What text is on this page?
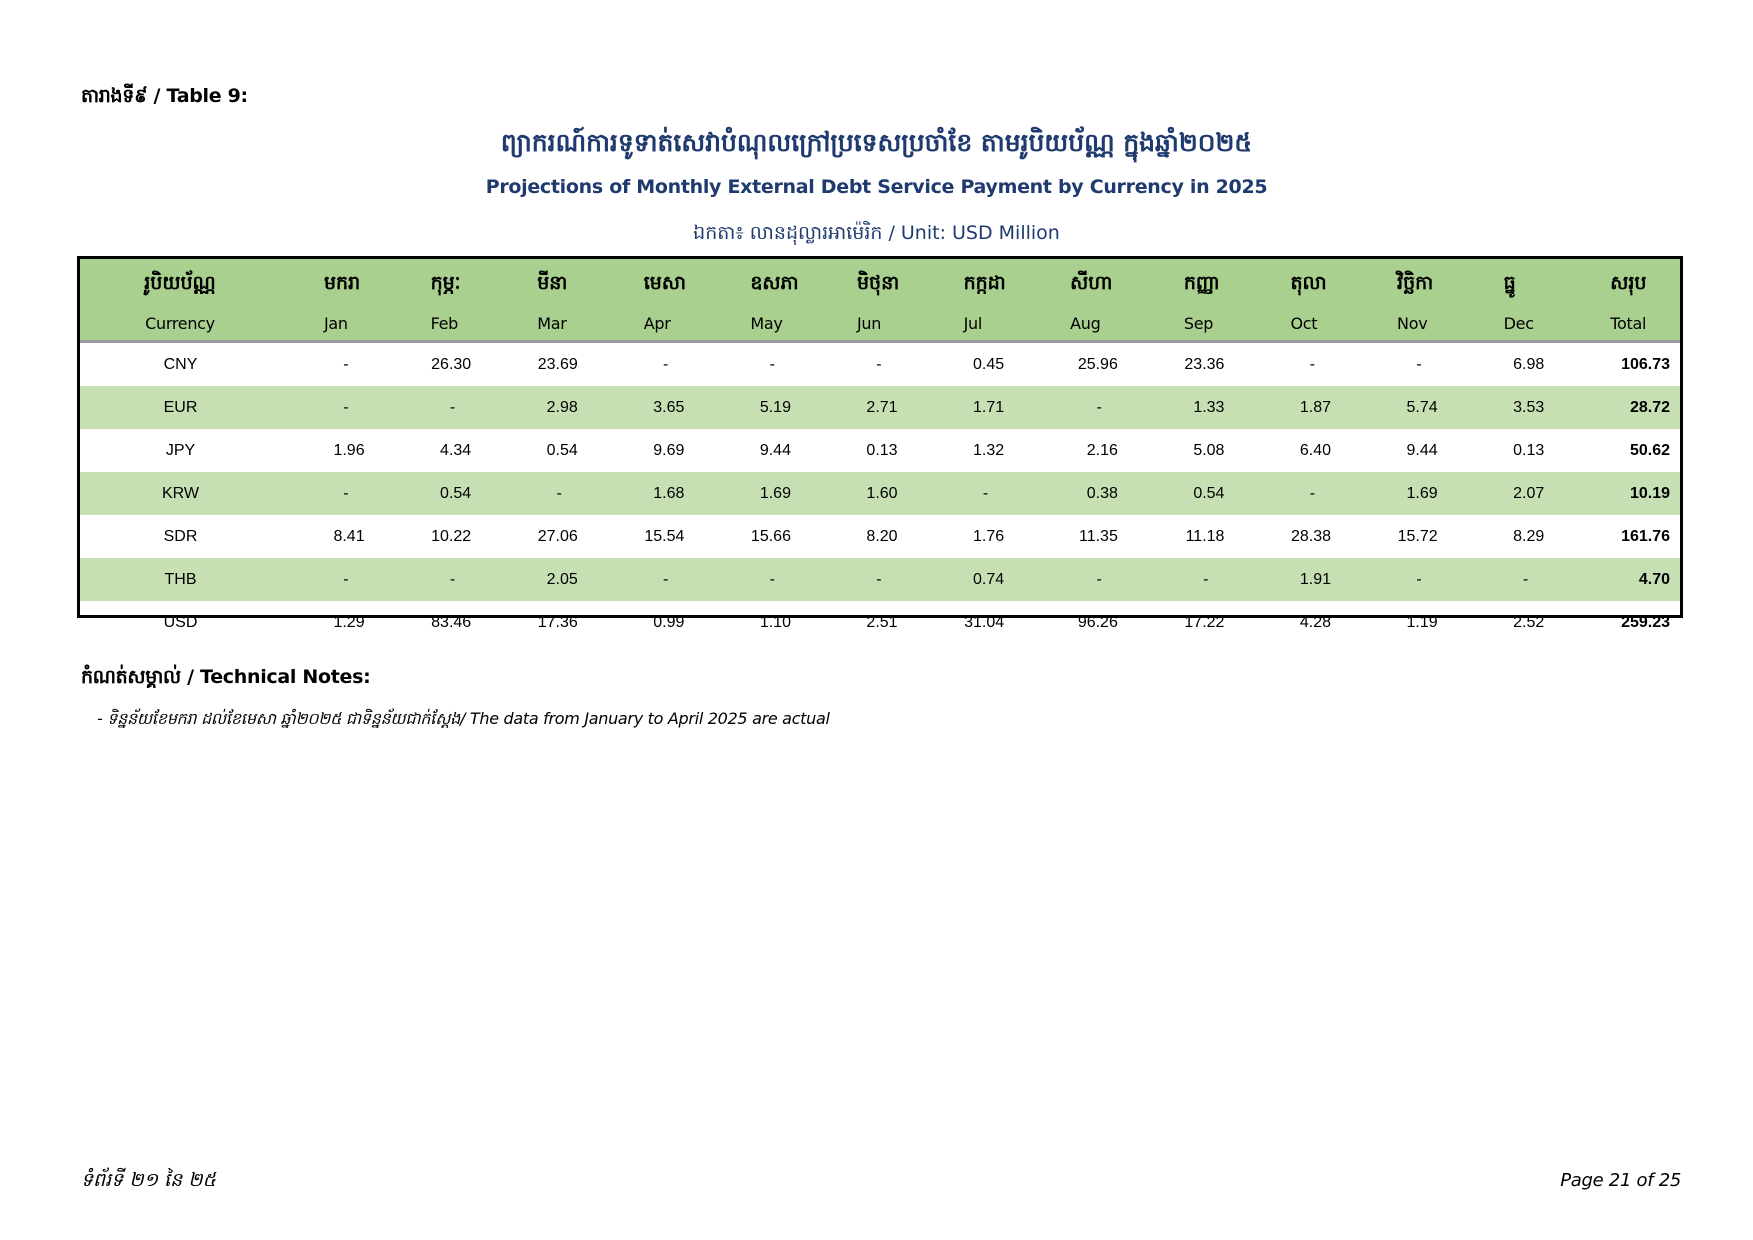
តារាងទី៩ / Table 9:
ព្យាករណ៍ការទូទាត់សេវាបំណុលក្រៅប្រទេសប្រចាំខែ តាមរូបិយប័ណ្ណ ក្នុងឆ្នាំ២០២៥
Projections of Monthly External Debt Service Payment by Currency in 2025
ឯកតា៖ លានដុល្លារអាម៉េរិក / Unit: USD Million
រូបិយប័ណ្ណ	មករា	កុម្ភៈ	មីនា	មេសា	ឧសភា	មិថុនា	កក្កដា	សីហា	កញ្ញា	តុលា	វិច្ឆិកា	ធ្នូ	សរុប
Currency	Jan	Feb	Mar	Apr	May	Jun	Jul	Aug	Sep	Oct	Nov	Dec	Total
CNY	-	26.30	23.69	-	-	-	0.45	25.96	23.36	-	-	6.98	106.73
EUR	-	-	2.98	3.65	5.19	2.71	1.71	-	1.33	1.87	5.74	3.53	28.72
JPY	1.96	4.34	0.54	9.69	9.44	0.13	1.32	2.16	5.08	6.40	9.44	0.13	50.62
KRW	-	0.54	-	1.68	1.69	1.60	-	0.38	0.54	-	1.69	2.07	10.19
SDR	8.41	10.22	27.06	15.54	15.66	8.20	1.76	11.35	11.18	28.38	15.72	8.29	161.76
THB	-	-	2.05	-	-	-	0.74	-	-	1.91	-	-	4.70
USD	1.29	83.46	17.36	0.99	1.10	2.51	31.04	96.26	17.22	4.28	1.19	2.52	259.23
កំណត់សម្គាល់ / Technical Notes:
- ទិន្នន័យខែមករា ដល់ខែមេសា ឆ្នាំ២០២៥ ជាទិន្នន័យជាក់ស្តែង/ The data from January to April 2025 are actual
ទំព័រទី ២១ នៃ ២៥	Page 21 of 25
